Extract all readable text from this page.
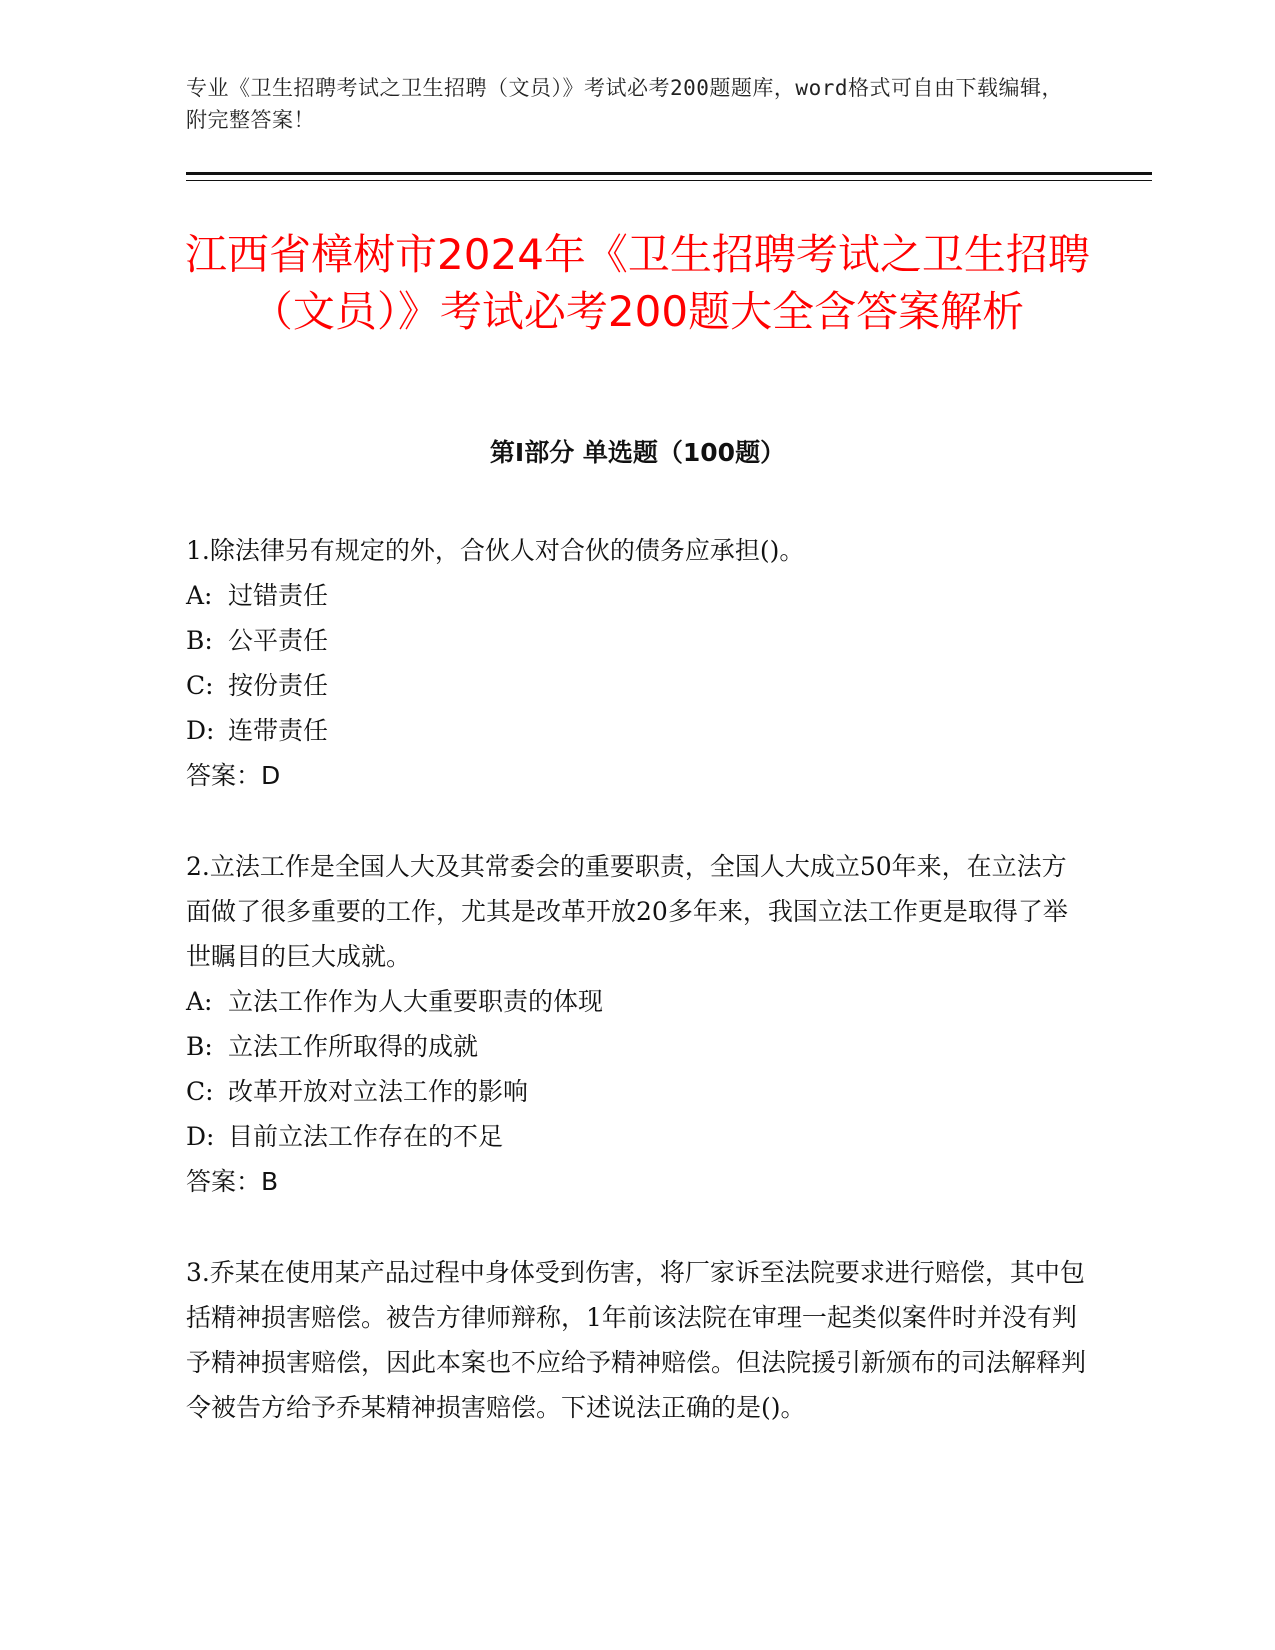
专业《卫生招聘考试之卫生招聘（文员）》考试必考200题题库，word格式可自由下载编辑，附完整答案！
江西省樟树市2024年《卫生招聘考试之卫生招聘（文员）》考试必考200题大全含答案解析
第Ⅰ部分 单选题（100题）

1.除法律另有规定的外，合伙人对合伙的债务应承担()。

A: 过错责任

B: 公平责任

C: 按份责任

D: 连带责任

答案：D

2.立法工作是全国人大及其常委会的重要职责，全国人大成立50年来，在立法方面做了很多重要的工作，尤其是改革开放20多年来，我国立法工作更是取得了举世瞩目的巨大成就。

A: 立法工作作为人大重要职责的体现

B: 立法工作所取得的成就

C: 改革开放对立法工作的影响

D: 目前立法工作存在的不足

答案：B

3.乔某在使用某产品过程中身体受到伤害，将厂家诉至法院要求进行赔偿，其中包括精神损害赔偿。被告方律师辩称，1年前该法院在审理一起类似案件时并没有判予精神损害赔偿，因此本案也不应给予精神赔偿。但法院援引新颁布的司法解释判令被告方给予乔某精神损害赔偿。下述说法正确的是()。
